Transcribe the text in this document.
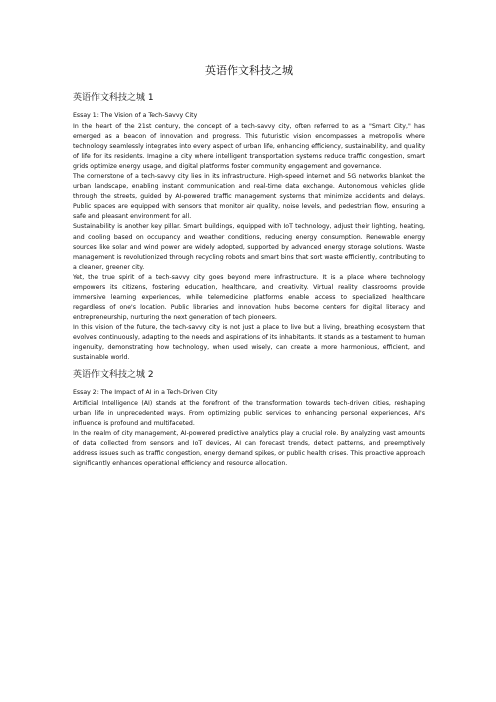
英语作文科技之城
英语作文科技之城 1

Essay 1: The Vision of a Tech-Savvy City

In the heart of the 21st century, the concept of a tech-savvy city, often referred to as a "Smart City," has emerged as a beacon of innovation and progress. This futuristic vision encompasses a metropolis where technology seamlessly integrates into every aspect of urban life, enhancing efficiency, sustainability, and quality of life for its residents. Imagine a city where intelligent transportation systems reduce traffic congestion, smart grids optimize energy usage, and digital platforms foster community engagement and governance.

The cornerstone of a tech-savvy city lies in its infrastructure. High-speed internet and 5G networks blanket the urban landscape, enabling instant communication and real-time data exchange. Autonomous vehicles glide through the streets, guided by AI-powered traffic management systems that minimize accidents and delays. Public spaces are equipped with sensors that monitor air quality, noise levels, and pedestrian flow, ensuring a safe and pleasant environment for all.

Sustainability is another key pillar. Smart buildings, equipped with IoT technology, adjust their lighting, heating, and cooling based on occupancy and weather conditions, reducing energy consumption. Renewable energy sources like solar and wind power are widely adopted, supported by advanced energy storage solutions. Waste management is revolutionized through recycling robots and smart bins that sort waste efficiently, contributing to a cleaner, greener city.

Yet, the true spirit of a tech-savvy city goes beyond mere infrastructure. It is a place where technology empowers its citizens, fostering education, healthcare, and creativity. Virtual reality classrooms provide immersive learning experiences, while telemedicine platforms enable access to specialized healthcare regardless of one's location. Public libraries and innovation hubs become centers for digital literacy and entrepreneurship, nurturing the next generation of tech pioneers.

In this vision of the future, the tech-savvy city is not just a place to live but a living, breathing ecosystem that evolves continuously, adapting to the needs and aspirations of its inhabitants. It stands as a testament to human ingenuity, demonstrating how technology, when used wisely, can create a more harmonious, efficient, and sustainable world.

英语作文科技之城 2

Essay 2: The Impact of AI in a Tech-Driven City

Artificial Intelligence (AI) stands at the forefront of the transformation towards tech-driven cities, reshaping urban life in unprecedented ways. From optimizing public services to enhancing personal experiences, AI's influence is profound and multifaceted.

In the realm of city management, AI-powered predictive analytics play a crucial role. By analyzing vast amounts of data collected from sensors and IoT devices, AI can forecast trends, detect patterns, and preemptively address issues such as traffic congestion, energy demand spikes, or public health crises. This proactive approach significantly enhances operational efficiency and resource allocation.
